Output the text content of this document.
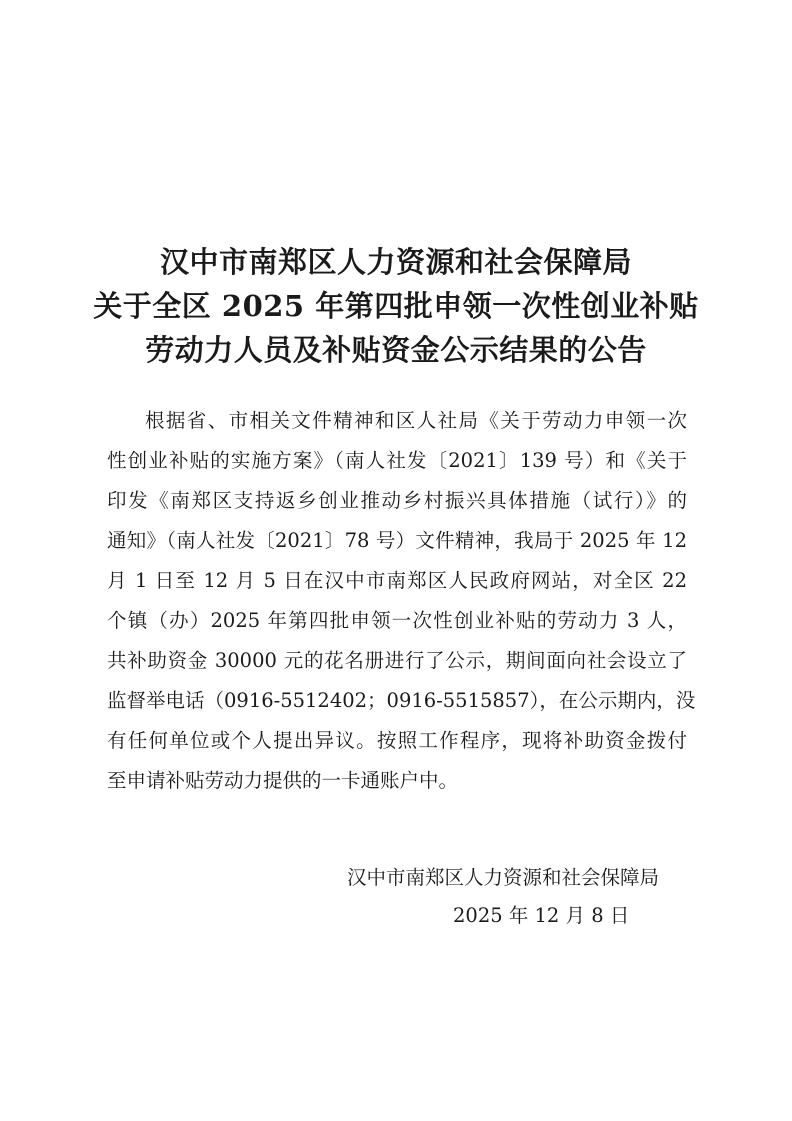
汉中市南郑区人力资源和社会保障局
关于全区 2025 年第四批申领一次性创业补贴
劳动力人员及补贴资金公示结果的公告
根据省、市相关文件精神和区人社局《关于劳动力申领一次
性创业补贴的实施方案》（南人社发〔2021〕139 号）和《关于
印发《南郑区支持返乡创业推动乡村振兴具体措施（试行）》的
通知》（南人社发〔2021〕78 号）文件精神，我局于 2025 年 12
月 1 日至 12 月 5 日在汉中市南郑区人民政府网站，对全区 22
个镇（办）2025 年第四批申领一次性创业补贴的劳动力 3 人，
共补助资金 30000 元的花名册进行了公示，期间面向社会设立了
监督举电话（0916-5512402；0916-5515857），在公示期内，没
有任何单位或个人提出异议。按照工作程序，现将补助资金拨付
至申请补贴劳动力提供的一卡通账户中。
汉中市南郑区人力资源和社会保障局
2025 年 12 月 8 日
